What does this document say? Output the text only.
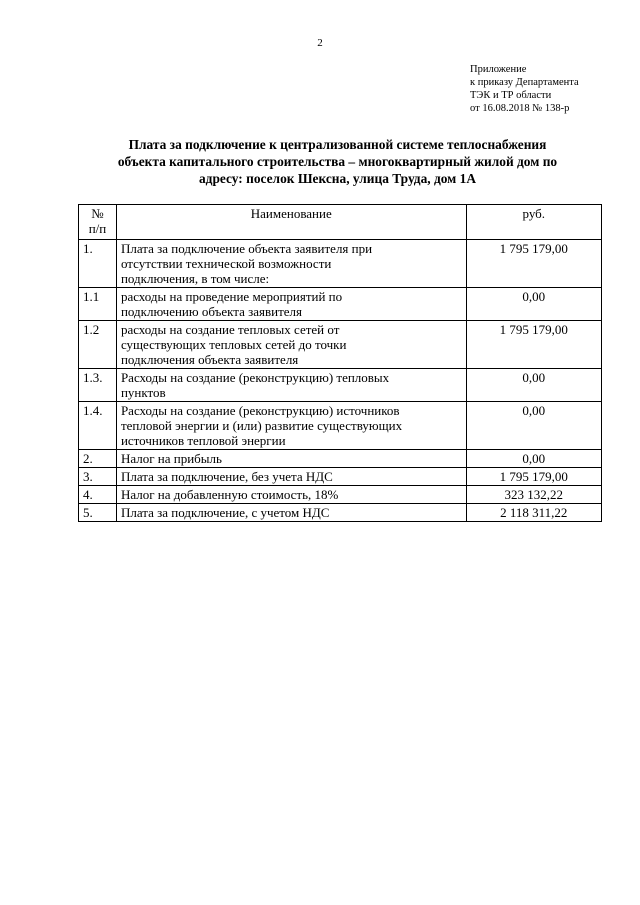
2
Приложение
к приказу Департамента
ТЭК и ТР области
от 16.08.2018 № 138-р
Плата за подключение к централизованной системе теплоснабжения
объекта капитального строительства – многоквартирный жилой дом по
адресу: поселок Шексна, улица Труда, дом 1А
№
п/п	Наименование	руб.
1.	Плата за подключение объекта заявителя при
отсутствии технической возможности
подключения, в том числе:	1 795 179,00
1.1	расходы на проведение мероприятий по
подключению объекта заявителя	0,00
1.2	расходы на создание тепловых сетей от
существующих тепловых сетей до точки
подключения объекта заявителя	1 795 179,00
1.3.	Расходы на создание (реконструкцию) тепловых
пунктов	0,00
1.4.	Расходы на создание (реконструкцию) источников
тепловой энергии и (или) развитие существующих
источников тепловой энергии	0,00
2.	Налог на прибыль	0,00
3.	Плата за подключение, без учета НДС	1 795 179,00
4.	Налог на добавленную стоимость, 18%	323 132,22
5.	Плата за подключение, с учетом НДС	2 118 311,22
